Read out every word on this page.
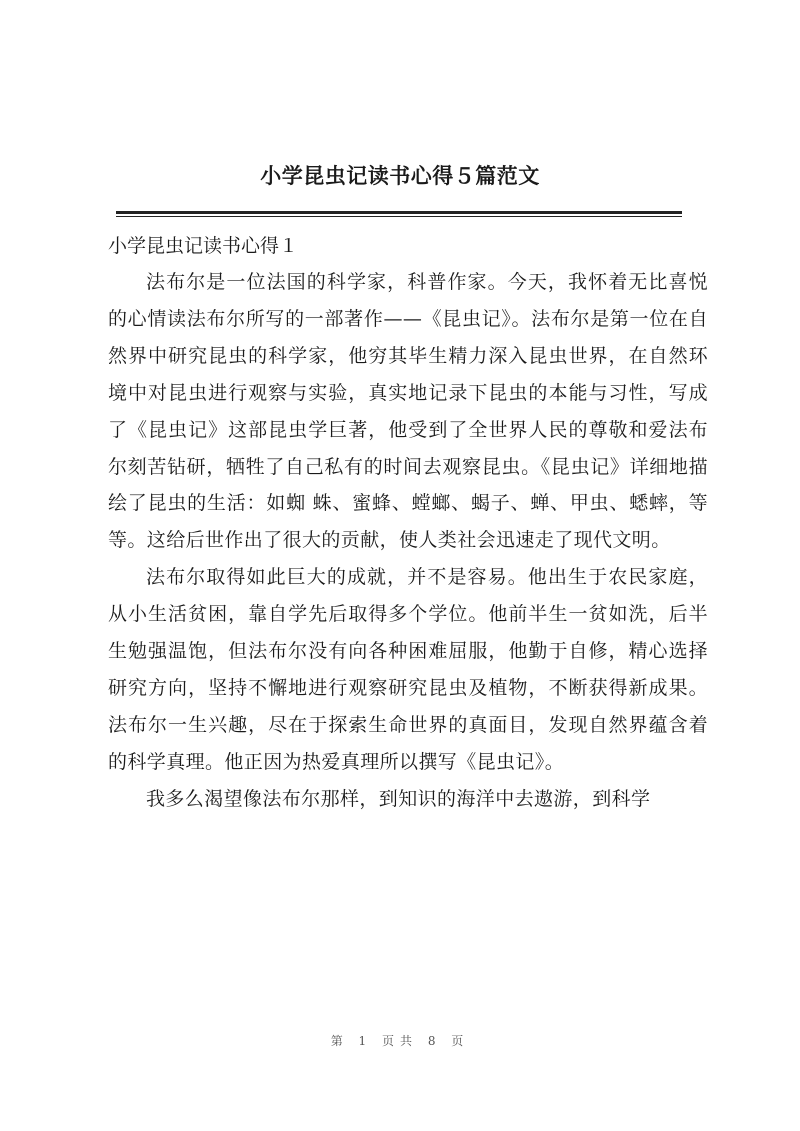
小学昆虫记读书心得５篇范文
小学昆虫记读书心得１

法布尔是一位法国的科学家，科普作家。今天，我怀着无比喜悦的心情读法布尔所写的一部著作——《昆虫记》。法布尔是第一位在自然界中研究昆虫的科学家，他穷其毕生精力深入昆虫世界，在自然环境中对昆虫进行观察与实验，真实地记录下昆虫的本能与习性，写成了《昆虫记》这部昆虫学巨著，他受到了全世界人民的尊敬和爱法布尔刻苦钻研，牺牲了自己私有的时间去观察昆虫。《昆虫记》详细地描绘了昆虫的生活：如蜘 蛛、蜜蜂、螳螂、蝎子、蝉、甲虫、蟋蟀，等等。这给后世作出了很大的贡献，使人类社会迅速走了现代文明。

法布尔取得如此巨大的成就，并不是容易。他出生于农民家庭，从小生活贫困，靠自学先后取得多个学位。他前半生一贫如洗，后半生勉强温饱，但法布尔没有向各种困难屈服，他勤于自修，精心选择研究方向，坚持不懈地进行观察研究昆虫及植物，不断获得新成果。法布尔一生兴趣，尽在于探索生命世界的真面目，发现自然界蕴含着的科学真理。他正因为热爱真理所以撰写《昆虫记》。

我多么渴望像法布尔那样，到知识的海洋中去遨游，到科学

第 1 页共 8 页
